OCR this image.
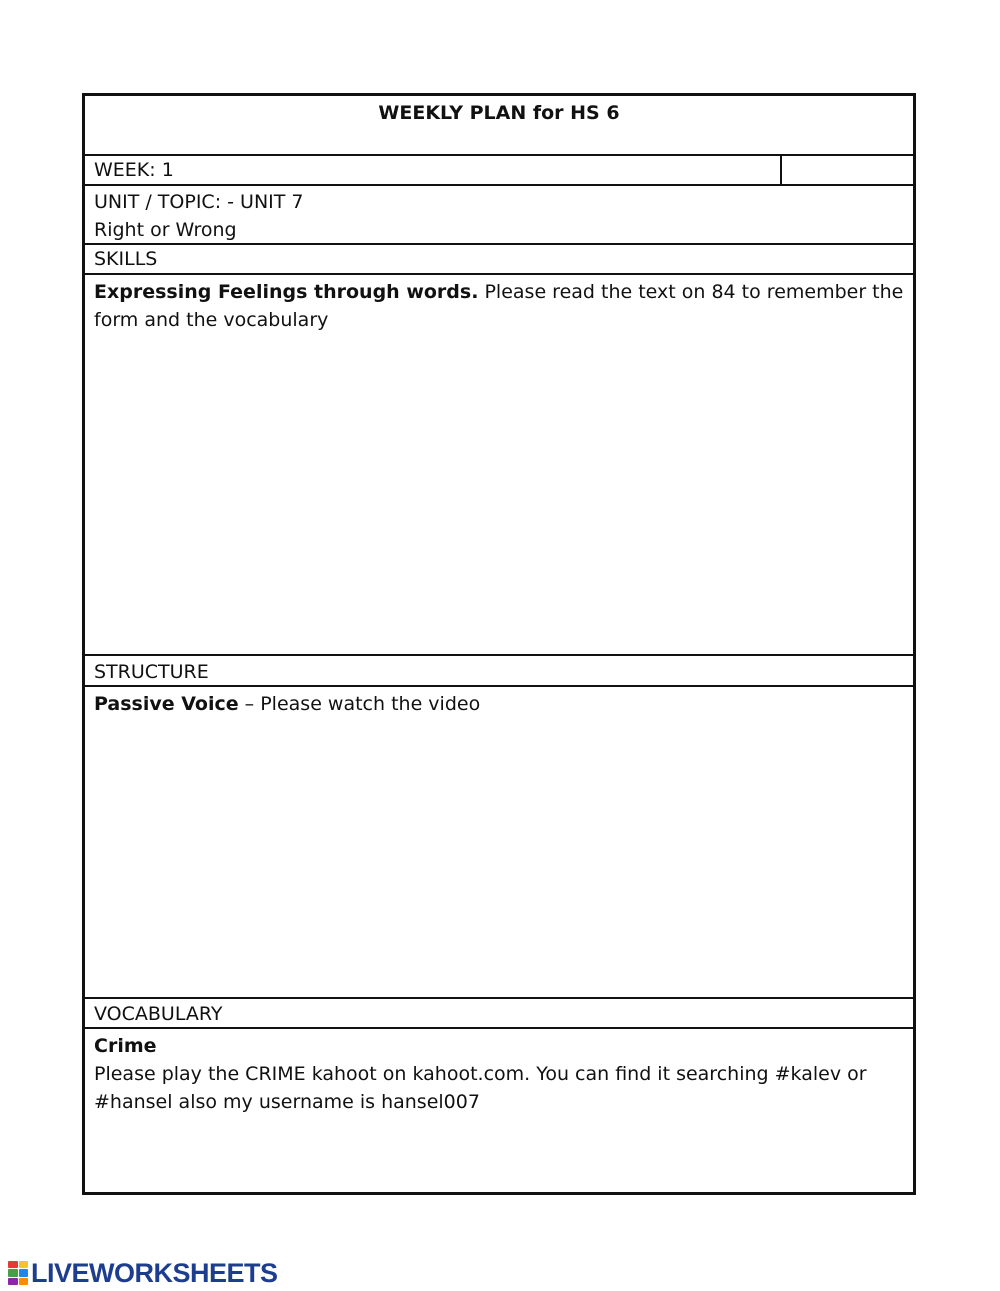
WEEKLY PLAN for HS 6
WEEK: 1
UNIT / TOPIC: - UNIT 7
Right or Wrong
SKILLS
Expressing Feelings through words. Please read the text on 84 to remember the form and the vocabulary
STRUCTURE
Passive Voice – Please watch the video
VOCABULARY
Crime
Please play the CRIME kahoot on kahoot.com. You can find it searching #kalev or #hansel also my username is hansel007
LIVEWORKSHEETS
